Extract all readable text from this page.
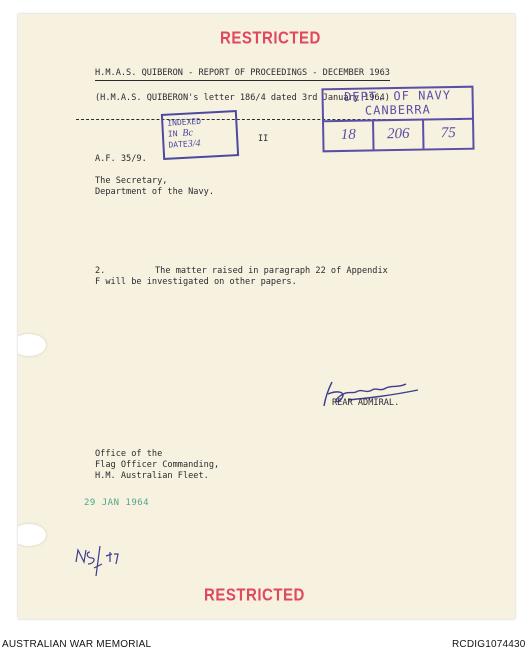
RESTRICTED
H.M.A.S. QUIBERON - REPORT OF PROCEEDINGS - DECEMBER 1963
(H.M.A.S. QUIBERON's letter 186/4 dated 3rd January 1964)
DEPT. OF NAVY
CANBERRA
18	206	75
INDEXED
IN Bc
DATE3/4	II
A.F. 35/9.
The Secretary,
Department of the Navy.
2.	The matter raised in paragraph 22 of Appendix
F will be investigated on other papers.
REAR ADMIRAL.
Office of the
Flag Officer Commanding,
H.M. Australian Fleet.
29 JAN 1964
RESTRICTED
AUSTRALIAN WAR MEMORIAL	RCDIG1074430
